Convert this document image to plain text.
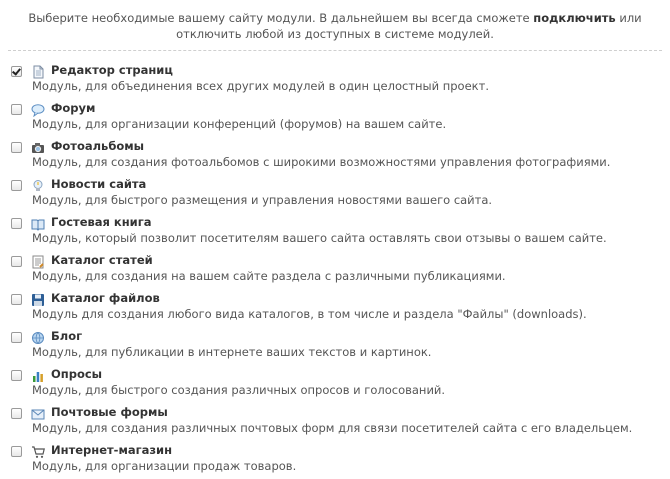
Выберите необходимые вашему сайту модули. В дальнейшем вы всегда сможете подключить или отключить любой из доступных в системе модулей.
Редактор страниц
Модуль, для объединения всех других модулей в один целостный проект.
Форум
Модуль, для организации конференций (форумов) на вашем сайте.
Фотоальбомы
Модуль, для создания фотоальбомов с широкими возможностями управления фотографиями.
Новости сайта
Модуль, для быстрого размещения и управления новостями вашего сайта.
Гостевая книга
Модуль, который позволит посетителям вашего сайта оставлять свои отзывы о вашем сайте.
Каталог статей
Модуль, для создания на вашем сайте раздела с различными публикациями.
Каталог файлов
Модуль для создания любого вида каталогов, в том числе и раздела "Файлы" (downloads).
Блог
Модуль, для публикации в интернете ваших текстов и картинок.
Опросы
Модуль, для быстрого создания различных опросов и голосований.
Почтовые формы
Модуль, для создания различных почтовых форм для связи посетителей сайта с его владельцем.
Интернет-магазин
Модуль, для организации продаж товаров.
